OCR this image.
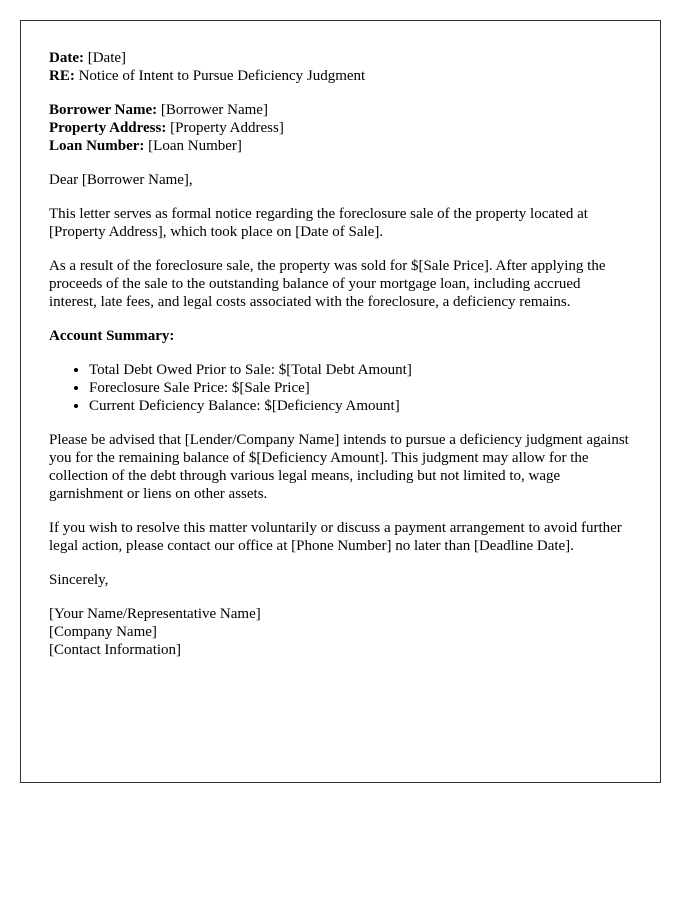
Date: [Date]
RE: Notice of Intent to Pursue Deficiency Judgment

Borrower Name: [Borrower Name]
Property Address: [Property Address]
Loan Number: [Loan Number]

Dear [Borrower Name],

This letter serves as formal notice regarding the foreclosure sale of the property located at [Property Address], which took place on [Date of Sale].

As a result of the foreclosure sale, the property was sold for $[Sale Price]. After applying the proceeds of the sale to the outstanding balance of your mortgage loan, including accrued interest, late fees, and legal costs associated with the foreclosure, a deficiency remains.

Account Summary:

• Total Debt Owed Prior to Sale: $[Total Debt Amount]
• Foreclosure Sale Price: $[Sale Price]
• Current Deficiency Balance: $[Deficiency Amount]

Please be advised that [Lender/Company Name] intends to pursue a deficiency judgment against you for the remaining balance of $[Deficiency Amount]. This judgment may allow for the collection of the debt through various legal means, including but not limited to, wage garnishment or liens on other assets.

If you wish to resolve this matter voluntarily or discuss a payment arrangement to avoid further legal action, please contact our office at [Phone Number] no later than [Deadline Date].

Sincerely,

[Your Name/Representative Name]
[Company Name]
[Contact Information]
